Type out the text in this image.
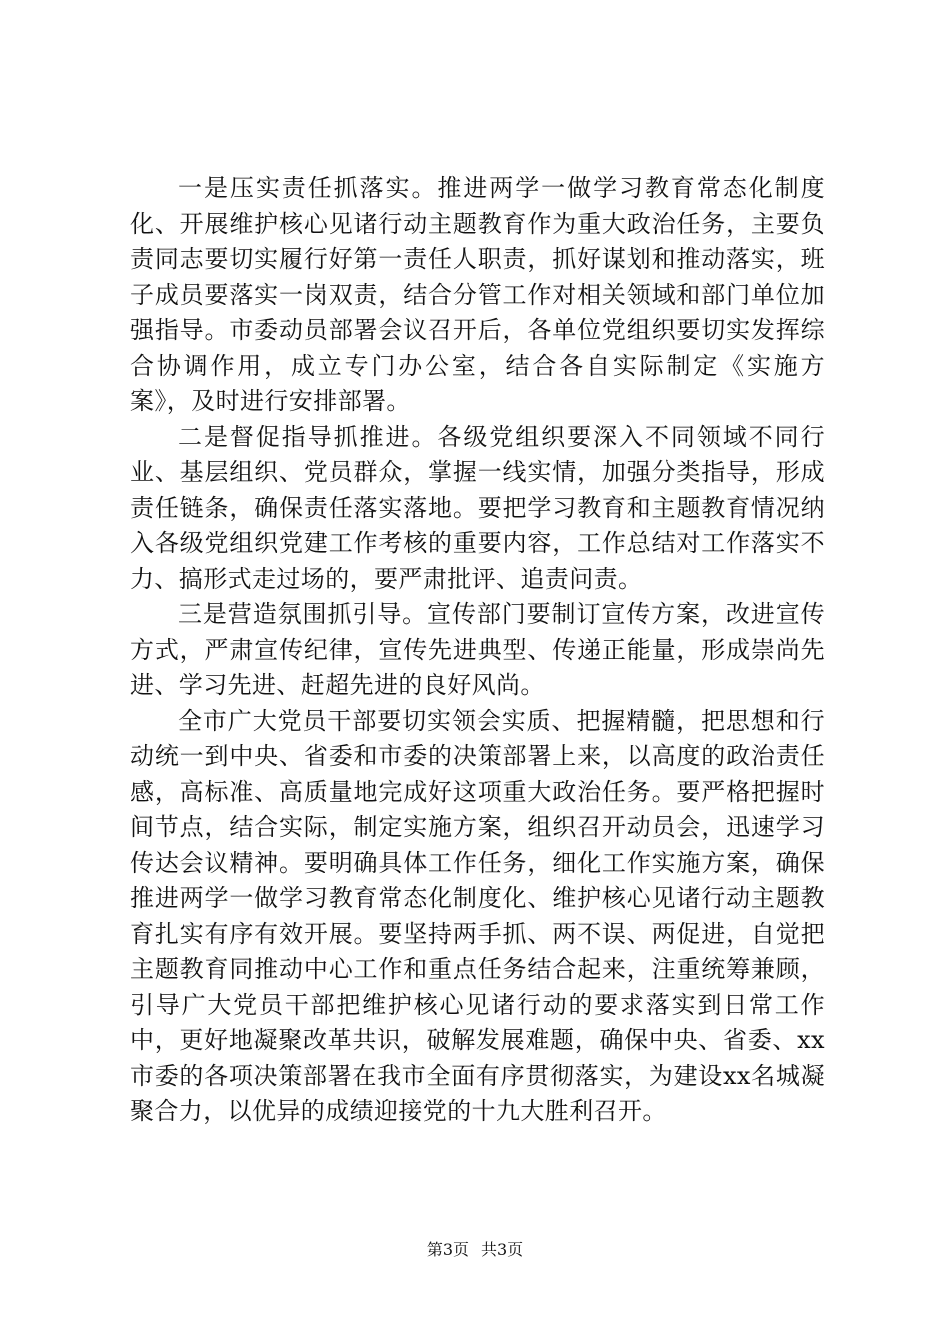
一是压实责任抓落实。推进两学一做学习教育常态化制度化、开展维护核心见诸行动主题教育作为重大政治任务，主要负责同志要切实履行好第一责任人职责，抓好谋划和推动落实，班子成员要落实一岗双责，结合分管工作对相关领域和部门单位加强指导。市委动员部署会议召开后，各单位党组织要切实发挥综合协调作用，成立专门办公室，结合各自实际制定《实施方案》，及时进行安排部署。

二是督促指导抓推进。各级党组织要深入不同领域不同行业、基层组织、党员群众，掌握一线实情，加强分类指导，形成责任链条，确保责任落实落地。要把学习教育和主题教育情况纳入各级党组织党建工作考核的重要内容，工作总结对工作落实不力、搞形式走过场的，要严肃批评、追责问责。

三是营造氛围抓引导。宣传部门要制订宣传方案，改进宣传方式，严肃宣传纪律，宣传先进典型、传递正能量，形成崇尚先进、学习先进、赶超先进的良好风尚。

全市广大党员干部要切实领会实质、把握精髓，把思想和行动统一到中央、省委和市委的决策部署上来，以高度的政治责任感，高标准、高质量地完成好这项重大政治任务。要严格把握时间节点，结合实际，制定实施方案，组织召开动员会，迅速学习传达会议精神。要明确具体工作任务，细化工作实施方案，确保推进两学一做学习教育常态化制度化、维护核心见诸行动主题教育扎实有序有效开展。要坚持两手抓、两不误、两促进，自觉把主题教育同推动中心工作和重点任务结合起来，注重统筹兼顾，引导广大党员干部把维护核心见诸行动的要求落实到日常工作中，更好地凝聚改革共识，破解发展难题，确保中央、省委、xx市委的各项决策部署在我市全面有序贯彻落实，为建设xx名城凝聚合力，以优异的成绩迎接党的十九大胜利召开。

第3页 共3页
